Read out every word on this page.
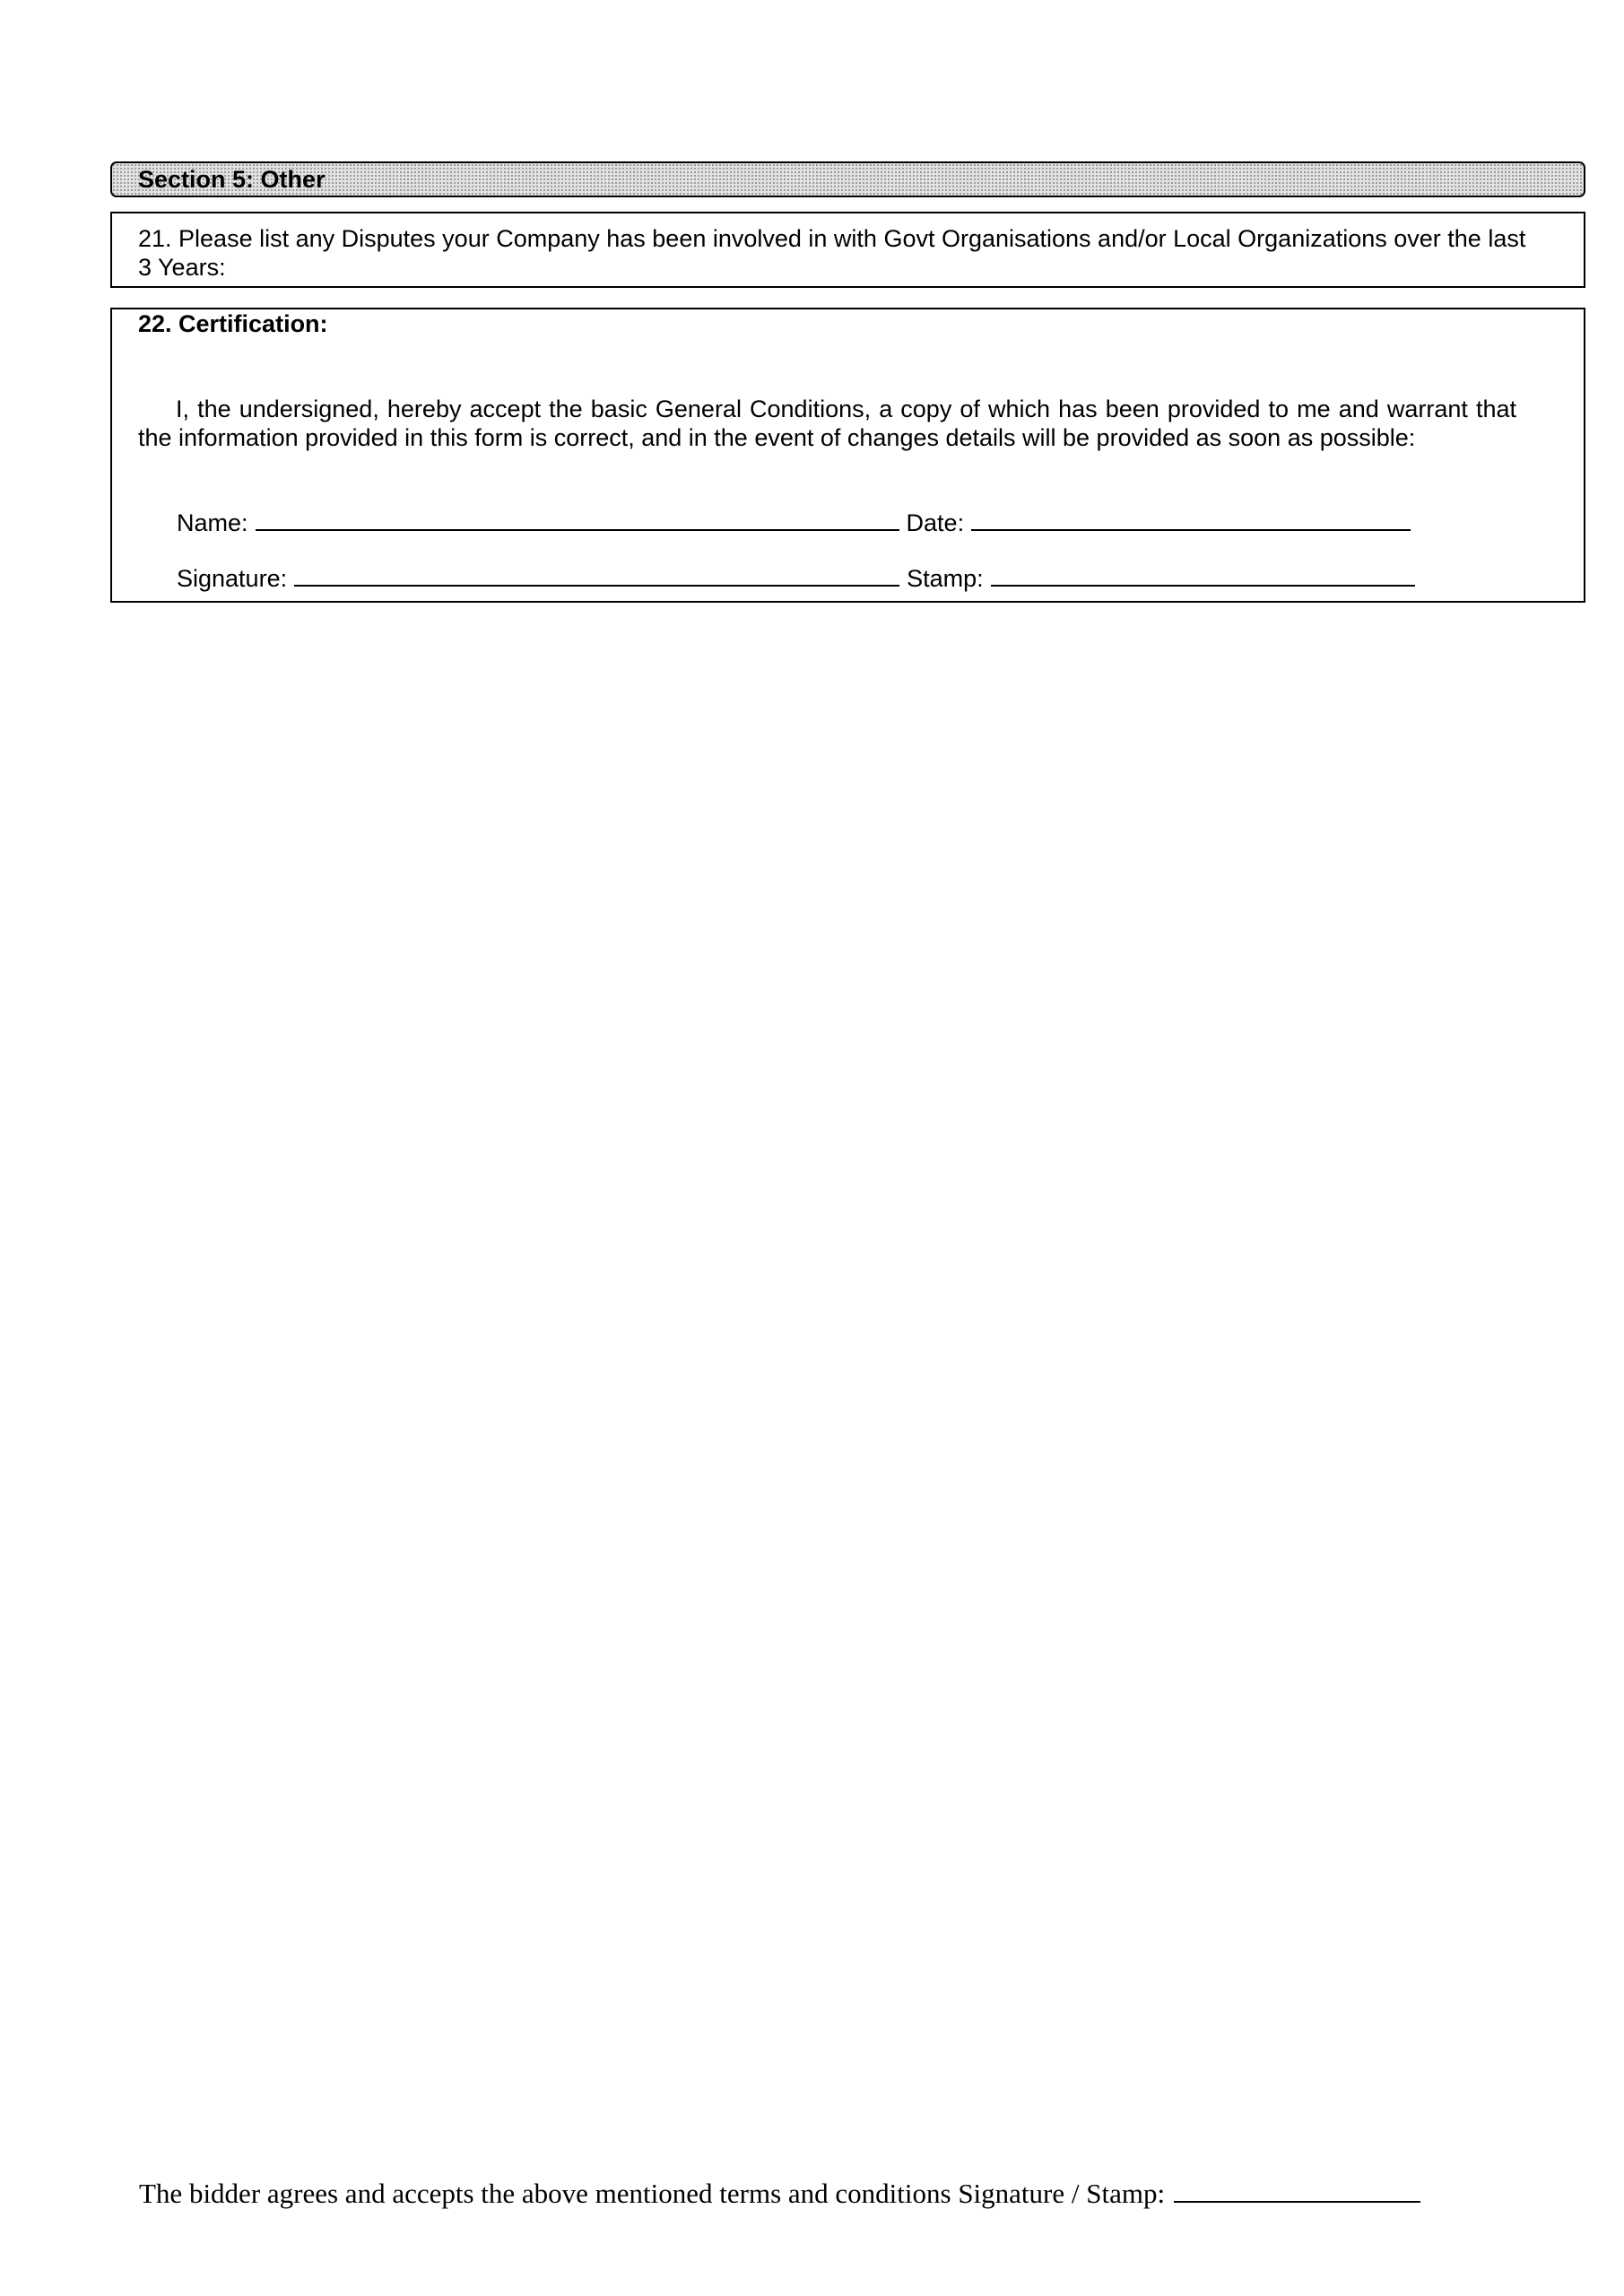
Section 5: Other
21. Please list any Disputes your Company has been involved in with Govt Organisations and/or Local Organizations over the last 3 Years:
22. Certification:
I, the undersigned, hereby accept the basic General Conditions, a copy of which has been provided to me and warrant that the information provided in this form is correct, and in the event of changes details will be provided as soon as possible:
Name:	Date:
Signature:	Stamp:
The bidder agrees and accepts the above mentioned terms and conditions Signature / Stamp:
